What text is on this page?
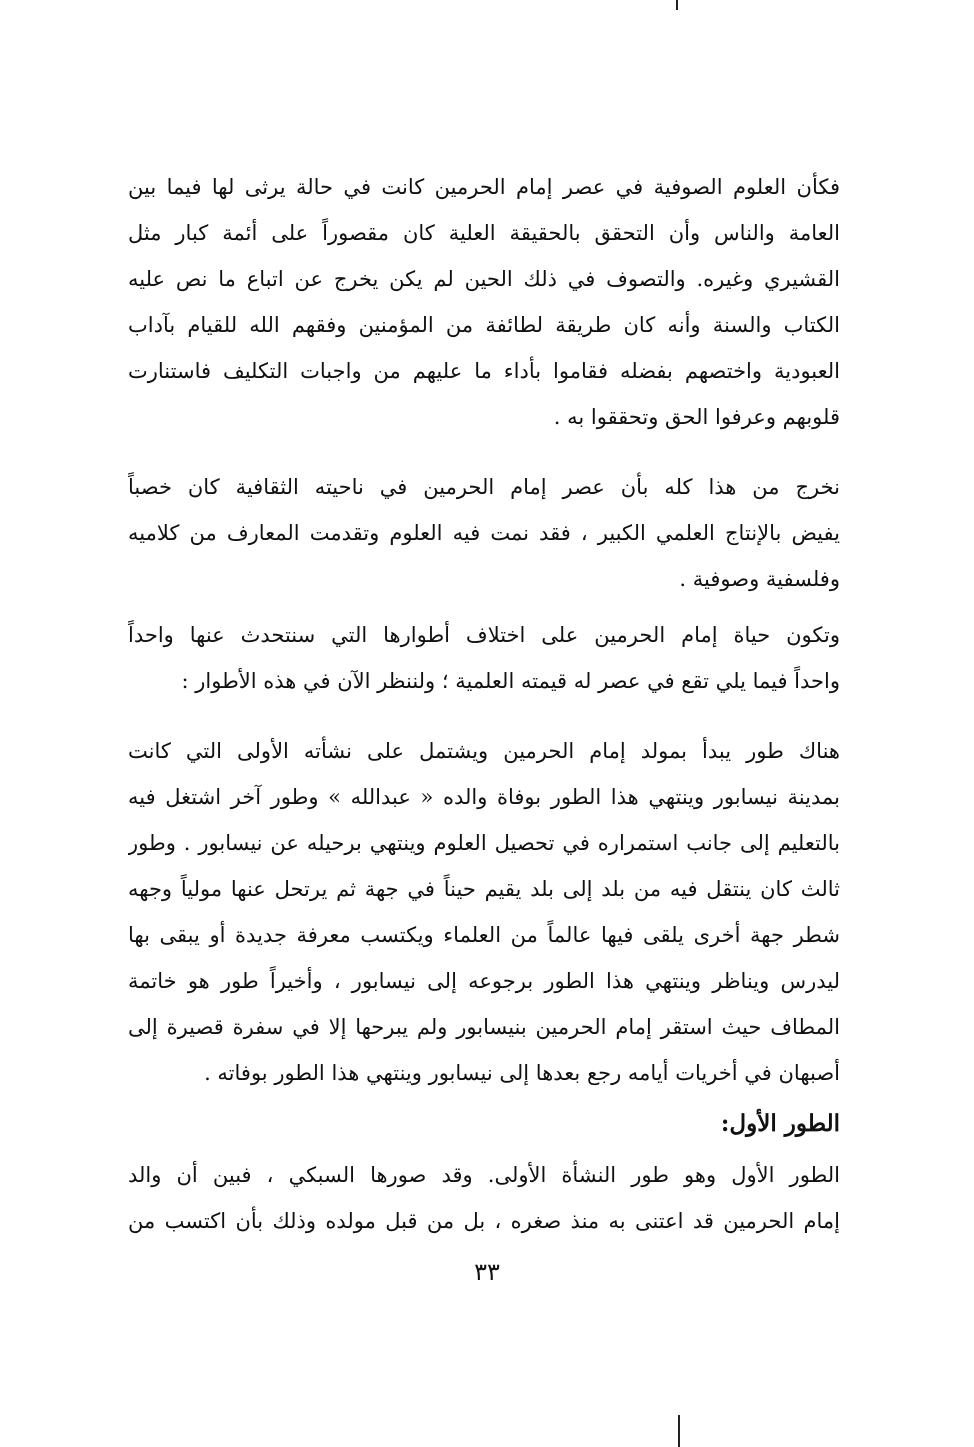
فكأن العلوم الصوفية في عصر إمام الحرمين كانت في حالة يرثى لها فيما بين
العامة والناس وأن التحقق بالحقيقة العلية كان مقصوراً على أئمة كبار مثل
القشيري وغيره. والتصوف في ذلك الحين لم يكن يخرج عن اتباع ما نص عليه
الكتاب والسنة وأنه كان طريقة لطائفة من المؤمنين وفقهم الله للقيام بآداب
العبودية واختصهم بفضله فقاموا بأداء ما عليهم من واجبات التكليف فاستنارت
قلوبهم وعرفوا الحق وتحققوا به .
نخرج من هذا كله بأن عصر إمام الحرمين في ناحيته الثقافية كان خصباً
يفيض بالإنتاج العلمي الكبير ، فقد نمت فيه العلوم وتقدمت المعارف من كلاميه
وفلسفية وصوفية .
وتكون حياة إمام الحرمين على اختلاف أطوارها التي سنتحدث عنها واحداً
واحداً فيما يلي تقع في عصر له قيمته العلمية ؛ ولننظر الآن في هذه الأطوار :
هناك طور يبدأ بمولد إمام الحرمين ويشتمل على نشأته الأولى التي كانت
بمدينة نيسابور وينتهي هذا الطور بوفاة والده « عبدالله » وطور آخر اشتغل فيه
بالتعليم إلى جانب استمراره في تحصيل العلوم وينتهي برحيله عن نيسابور . وطور
ثالث كان ينتقل فيه من بلد إلى بلد يقيم حيناً في جهة ثم يرتحل عنها مولياً وجهه
شطر جهة أخرى يلقى فيها عالماً من العلماء ويكتسب معرفة جديدة أو يبقى بها
ليدرس ويناظر وينتهي هذا الطور برجوعه إلى نيسابور ، وأخيراً طور هو خاتمة
المطاف حيث استقر إمام الحرمين بنيسابور ولم يبرحها إلا في سفرة قصيرة إلى
أصبهان في أخريات أيامه رجع بعدها إلى نيسابور وينتهي هذا الطور بوفاته .
الطور الأول:
الطور الأول وهو طور النشأة الأولى. وقد صورها السبكي ، فبين أن والد
إمام الحرمين قد اعتنى به منذ صغره ، بل من قبل مولده وذلك بأن اكتسب من
٣٣
